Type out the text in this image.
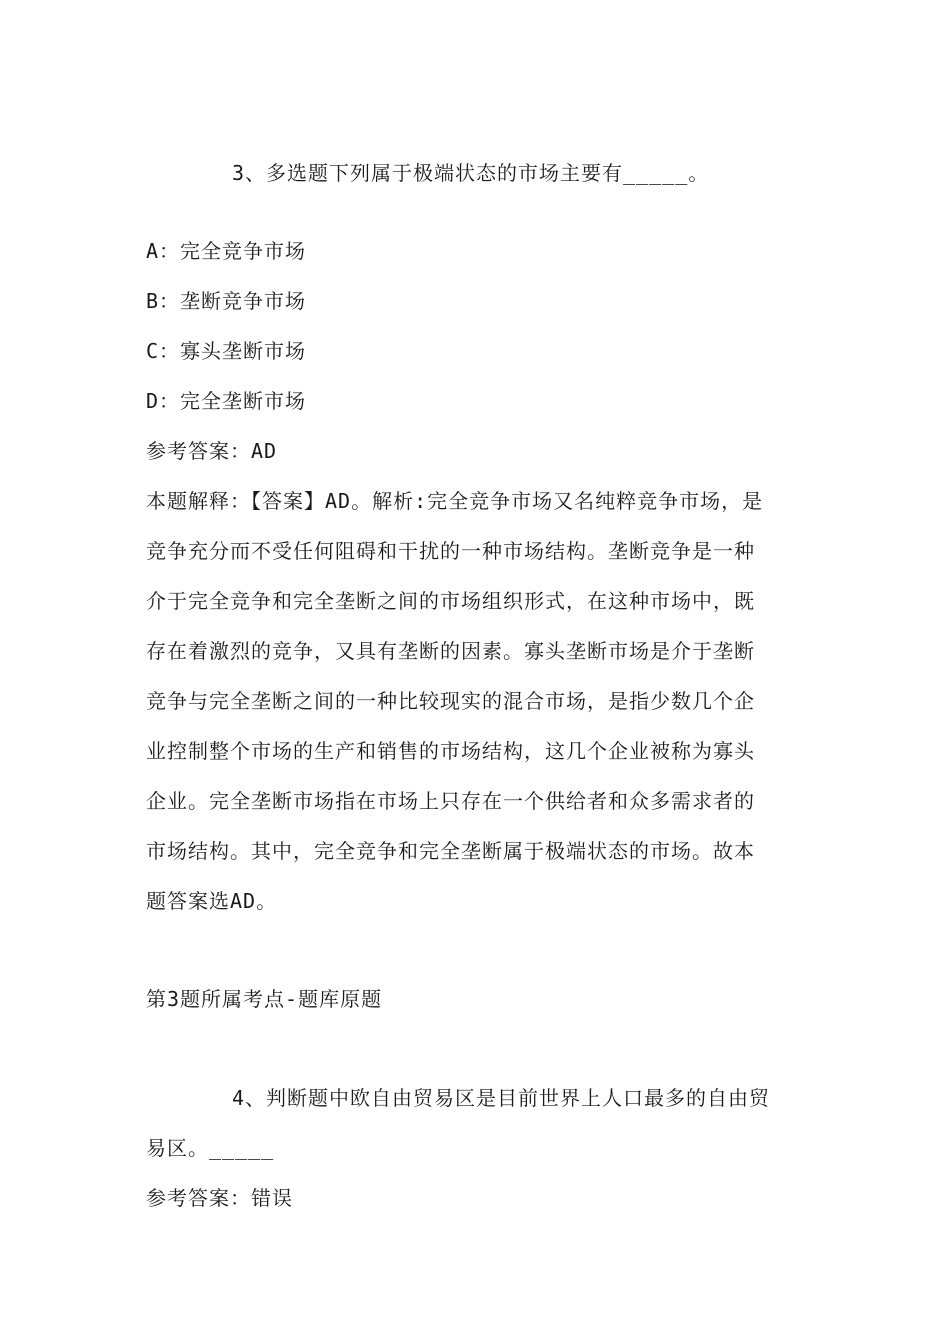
3、多选题下列属于极端状态的市场主要有_____。
A：完全竞争市场
B：垄断竞争市场
C：寡头垄断市场
D：完全垄断市场
参考答案：AD
本题解释：【答案】AD。解析:完全竞争市场又名纯粹竞争市场，是
竞争充分而不受任何阻碍和干扰的一种市场结构。垄断竞争是一种
介于完全竞争和完全垄断之间的市场组织形式，在这种市场中，既
存在着激烈的竞争，又具有垄断的因素。寡头垄断市场是介于垄断
竞争与完全垄断之间的一种比较现实的混合市场，是指少数几个企
业控制整个市场的生产和销售的市场结构，这几个企业被称为寡头
企业。完全垄断市场指在市场上只存在一个供给者和众多需求者的
市场结构。其中，完全竞争和完全垄断属于极端状态的市场。故本
题答案选AD。
第3题所属考点-题库原题
4、判断题中欧自由贸易区是目前世界上人口最多的自由贸
易区。_____
参考答案：错误
